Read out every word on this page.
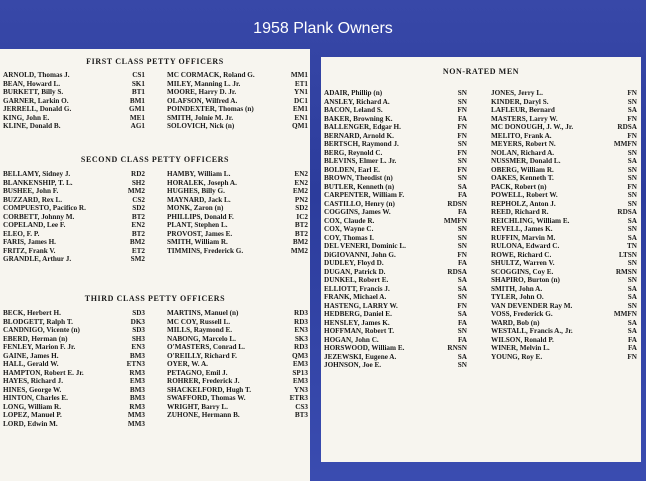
1958 Plank Owners
FIRST CLASS PETTY OFFICERS
ARNOLD, Thomas J.	CS1
BEAN, Howard L.	SK1
BURKETT, Billy S.	BT1
GARNER, Larkin O.	BM1
JERRELL, Donald G.	GM1
KING, John E.	ME1
KLINE, Donald B.	AG1
MC CORMACK, Roland G.	MM1
MILEY, Manning L. Jr.	ET1
MOORE, Harry D. Jr.	YN1
OLAFSON, Wilfred A.	DC1
POINDEXTER, Thomas (n)	EM1
SMITH, Jolnie M. Jr.	EN1
SOLOVICH, Nick (n)	QM1
SECOND CLASS PETTY OFFICERS
BELLAMY, Sidney J.	RD2
BLANKENSHIP, T. L.	SH2
BUSHEE, John F.	MM2
BUZZARD, Rex L.	CS2
COMPUESTO, Pacifico R.	SD2
CORBETT, Johnny M.	BT2
COPELAND, Lee F.	EN2
ELEO, F. P.	BT2
FARIS, James H.	BM2
FRITZ, Frank V.	ET2
GRANDLE, Arthur J.	SM2
HAMBY, William L.	EN2
HORALEK, Joseph A.	EN2
HUGHES, Billy G.	EM2
MAYNARD, Jack L.	PN2
MONK, Zaron (n)	SD2
PHILLIPS, Donald F.	IC2
PLANT, Stephen L.	BT2
PROVOST, James E.	BT2
SMITH, William R.	BM2
TIMMINS, Frederick G.	MM2
THIRD CLASS PETTY OFFICERS
BECK, Herbert H.	SD3
BLODGETT, Ralph T.	DK3
CANDNIGO, Vicente (n)	SD3
EBERD, Herman (n)	SH3
FENLEY, Marion F. Jr.	EN3
GAINE, James H.	BM3
HALL, Gerald W.	ETN3
HAMPTON, Robert E. Jr.	RM3
HAYES, Richard J.	EM3
HINES, George W.	BM3
HINTON, Charles E.	BM3
LONG, William R.	RM3
LOPEZ, Manuel P.	MM3
LORD, Edwin M.	MM3
MARTINS, Manuel (n)	RD3
MC COY, Russell L.	RD3
MILLS, Raymond E.	EN3
NABONG, Marcelo L.	SK3
O'MASTERS, Conrad L.	RD3
O'REILLY, Richard F.	QM3
OYER, W. A.	EM3
PETAGNO, Emil J.	SP13
ROHRER, Frederick J.	EM3
SHACKELFORD, Hugh T.	YN3
SWAFFORD, Thomas W.	ETR3
WRIGHT, Barry L.	CS3
ZUHONE, Hermann B.	BT3
NON-RATED MEN
ADAIR, Phillip (n)	SN
ANSLEY, Richard A.	SN
BACON, Leland S.	FN
BAKER, Browning K.	FA
BALLENGER, Edgar H.	FN
BERNARD, Arnold K.	FN
BERTSCH, Raymond J.	SN
BERG, Reynold C.	FN
BLEVINS, Elmer L. Jr.	SN
BOLDEN, Earl E.	FN
BROWN, Theodist (n)	SN
BUTLER, Kenneth (n)	SA
CARPENTER, William F.	FA
CASTILLO, Henry (n)	RDSN
COGGINS, James W.	FA
COX, Claude R.	MMFN
COX, Wayne C.	SN
COY, Thomas I.	SN
DEL VENERI, Dominic L.	SN
DiGIOVANNI, John G.	FN
DUDLEY, Floyd D.	FA
DUGAN, Patrick D.	RDSA
DUNKEL, Robert E.	SA
ELLIOTT, Francis J.	SA
FRANK, Michael A.	SN
HASTENG, LARRY W.	FN
HEDBERG, Daniel E.	SA
HENSLEY, James K.	FA
HOFFMAN, Robert T.	SN
HOGAN, John C.	FA
HORSWOOD, William E.	RNSN
JEZEWSKI, Eugene A.	SA
JOHNSON, Joe E.	SN
JONES, Jerry L.	FN
KINDER, Daryl S.	SN
LAFLEUR, Bernard	SA
MASTERS, Larry W.	FN
MC DONOUGH, J. W., Jr.	RDSA
MELITO, Frank A.	FN
MEYERS, Robert N.	MMFN
NOLAN, Richard A.	SN
NUSSMER, Donald L.	SA
OBERG, William R.	SN
OAKES, Kenneth T.	SN
PACK, Robert (n)	FN
POWELL, Robert W.	SN
REPHOLZ, Anton J.	SN
REED, Richard R.	RDSA
REICHLING, William E.	SA
REVELL, James K.	SN
RUFFIN, Marvin M.	SA
RULONA, Edward C.	TN
ROWE, Richard C.	LTSN
SHULTZ, Warren V.	SN
SCOGGINS, Coy E.	RMSN
SHAPIRO, Burton (n)	SN
SMITH, John A.	SA
TYLER, John O.	SA
VAN DEVENDER Ray M.	SN
VOSS, Frederick G.	MMFN
WARD, Bob (n)	SA
WESTALL, Francis A., Jr.	SA
WILSON, Ronald P.	FA
WINER, Melvin L.	FA
YOUNG, Roy E.	FN
